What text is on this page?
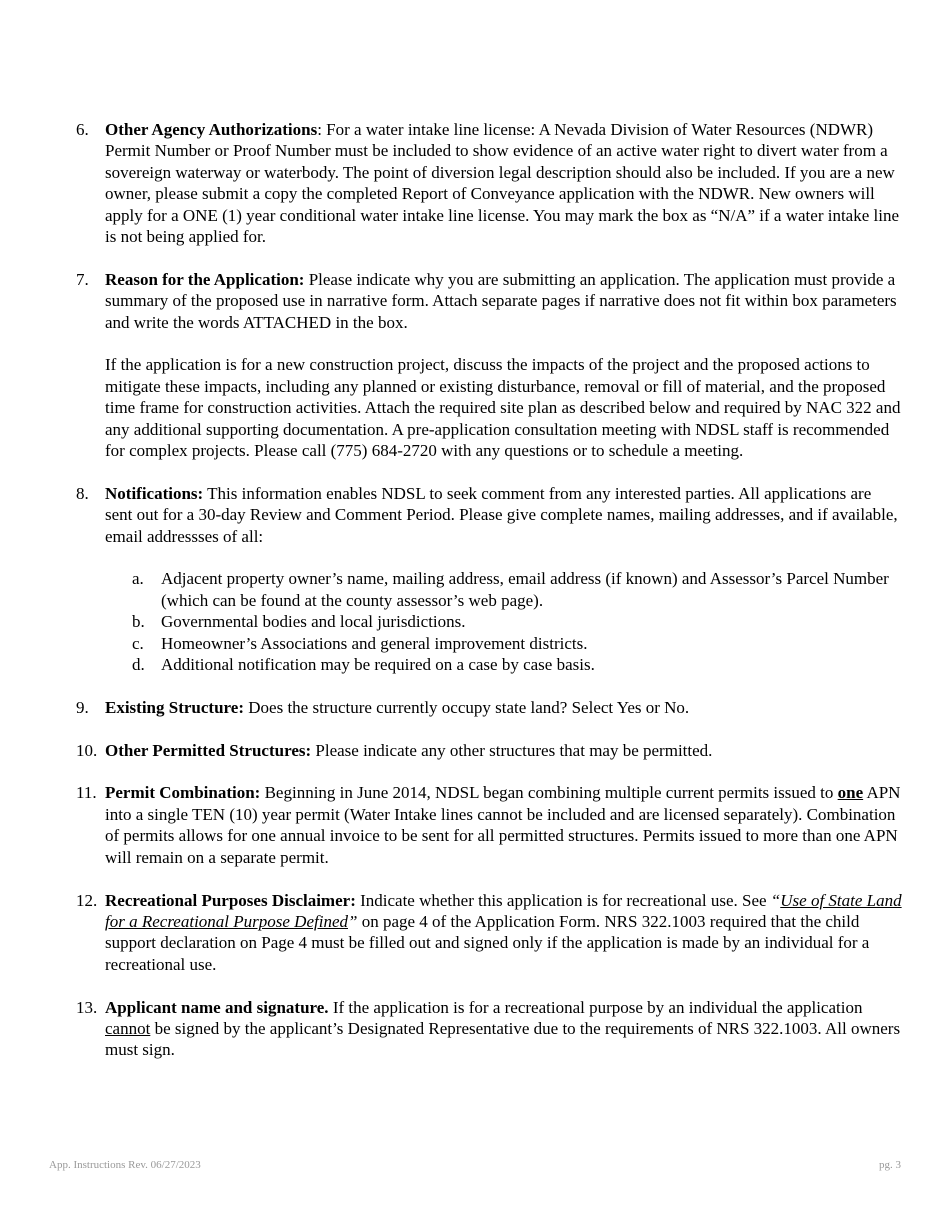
6. Other Agency Authorizations: For a water intake line license: A Nevada Division of Water Resources (NDWR) Permit Number or Proof Number must be included to show evidence of an active water right to divert water from a sovereign waterway or waterbody. The point of diversion legal description should also be included. If you are a new owner, please submit a copy the completed Report of Conveyance application with the NDWR. New owners will apply for a ONE (1) year conditional water intake line license. You may mark the box as “N/A” if a water intake line is not being applied for.

7. Reason for the Application: Please indicate why you are submitting an application. The application must provide a summary of the proposed use in narrative form. Attach separate pages if narrative does not fit within box parameters and write the words ATTACHED in the box.

If the application is for a new construction project, discuss the impacts of the project and the proposed actions to mitigate these impacts, including any planned or existing disturbance, removal or fill of material, and the proposed time frame for construction activities. Attach the required site plan as described below and required by NAC 322 and any additional supporting documentation. A pre-application consultation meeting with NDSL staff is recommended for complex projects. Please call (775) 684-2720 with any questions or to schedule a meeting.

8. Notifications: This information enables NDSL to seek comment from any interested parties. All applications are sent out for a 30-day Review and Comment Period. Please give complete names, mailing addresses, and if available, email addressses of all:

a. Adjacent property owner’s name, mailing address, email address (if known) and Assessor’s Parcel Number (which can be found at the county assessor’s web page).
b. Governmental bodies and local jurisdictions.
c. Homeowner’s Associations and general improvement districts.
d. Additional notification may be required on a case by case basis.
9. Existing Structure: Does the structure currently occupy state land? Select Yes or No.

10. Other Permitted Structures: Please indicate any other structures that may be permitted.

11. Permit Combination: Beginning in June 2014, NDSL began combining multiple current permits issued to one APN into a single TEN (10) year permit (Water Intake lines cannot be included and are licensed separately). Combination of permits allows for one annual invoice to be sent for all permitted structures. Permits issued to more than one APN will remain on a separate permit.

12. Recreational Purposes Disclaimer: Indicate whether this application is for recreational use. See “Use of State Land for a Recreational Purpose Defined” on page 4 of the Application Form. NRS 322.1003 required that the child support declaration on Page 4 must be filled out and signed only if the application is made by an individual for a recreational use.

13. Applicant name and signature. If the application is for a recreational purpose by an individual the application cannot be signed by the applicant’s Designated Representative due to the requirements of NRS 322.1003. All owners must sign.

App. Instructions Rev. 06/27/2023	pg. 3
